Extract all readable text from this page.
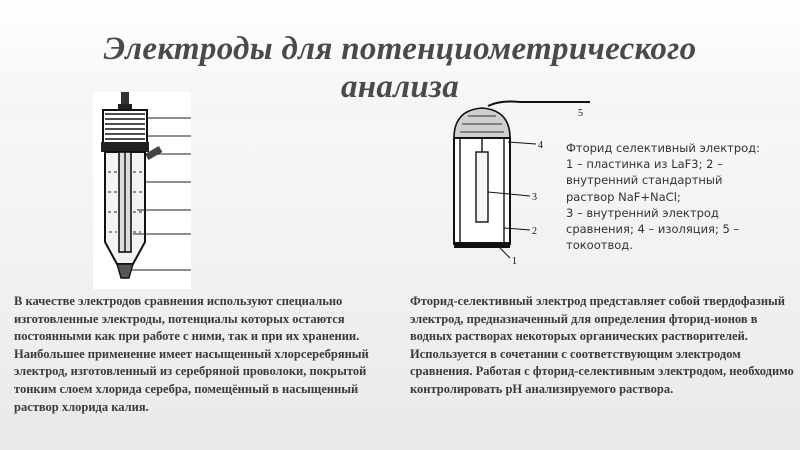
Электроды для потенциометрического
анализа
5
4
3
2
1
Фторид селективный электрод:
1 – пластинка из LaF3; 2 –
внутренний стандартный
раствор NaF+NaCl;
3 – внутренний электрод
сравнения; 4 – изоляция; 5 –
токоотвод.
В качестве электродов сравнения используют специально изготовленные электроды, потенциалы которых остаются постоянными как при работе с ними, так и при их хранении. Наибольшее применение имеет насыщенный хлорсеребряный электрод, изготовленный из серебряной проволоки, покрытой тонким слоем хлорида серебра, помещённый в насыщенный раствор хлорида калия.
Фторид-селективный электрод представляет собой твердофазный электрод, предназначенный для определения фторид-ионов в водных растворах некоторых органических растворителей. Используется в сочетании с соответствующим электродом сравнения. Работая с фторид-селективным электродом, необходимо контролировать pH анализируемого раствора.
